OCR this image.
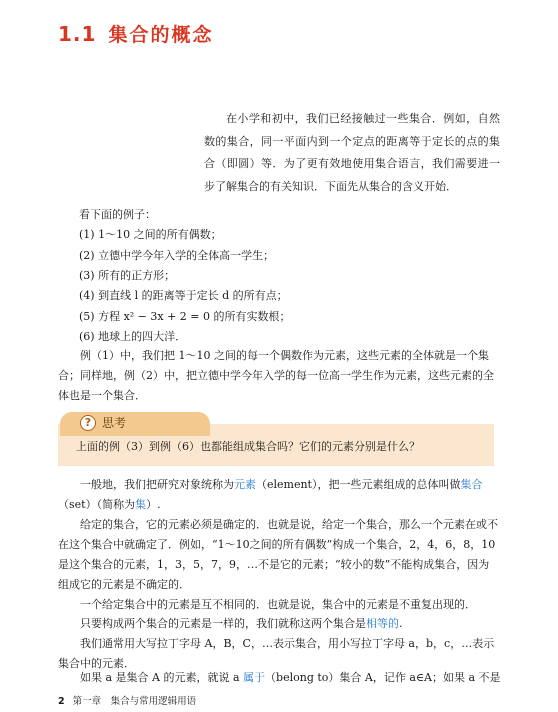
1.1 集合的概念

在小学和初中，我们已经接触过一些集合．例如，自然数的集合，同一平面内到一个定点的距离等于定长的点的集合（即圆）等．为了更有效地使用集合语言，我们需要进一步了解集合的有关知识．下面先从集合的含义开始．

看下面的例子：

(1) 1～10 之间的所有偶数；

(2) 立德中学今年入学的全体高一学生；

(3) 所有的正方形；

(4) 到直线 l 的距离等于定长 d 的所有点；

(5) 方程 x² − 3x + 2 = 0 的所有实数根；

(6) 地球上的四大洋．

例（1）中，我们把 1～10 之间的每一个偶数作为元素，这些元素的全体就是一个集合；同样地，例（2）中，把立德中学今年入学的每一位高一学生作为元素，这些元素的全体也是一个集合．

? 思考
上面的例（3）到例（6）也都能组成集合吗？它们的元素分别是什么？

一般地，我们把研究对象统称为元素（element），把一些元素组成的总体叫做集合（set）（简称为集）.

给定的集合，它的元素必须是确定的．也就是说，给定一个集合，那么一个元素在或不在这个集合中就确定了．例如，“1～10之间的所有偶数”构成一个集合，2，4，6，8，10 是这个集合的元素，1，3，5，7，9，…不是它的元素；“较小的数”不能构成集合，因为组成它的元素是不确定的．

一个给定集合中的元素是互不相同的．也就是说，集合中的元素是不重复出现的．

只要构成两个集合的元素是一样的，我们就称这两个集合是相等的.

我们通常用大写拉丁字母 A，B，C，…表示集合，用小写拉丁字母 a，b，c，…表示集合中的元素．

如果 a 是集合 A 的元素，就说 a 属于（belong to）集合 A，记作 a∈A；如果 a 不是

2 第一章　集合与常用逻辑用语
